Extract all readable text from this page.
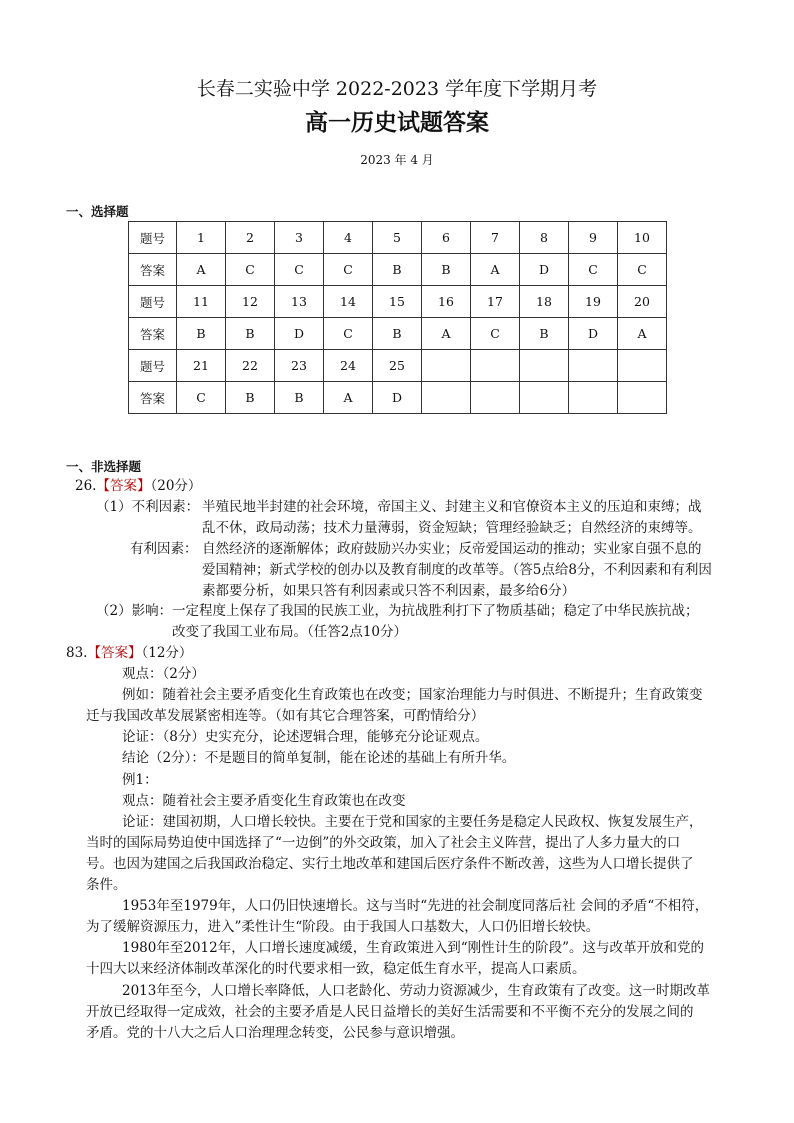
长春二实验中学 2022-2023 学年度下学期月考
高一历史试题答案
2023 年 4 月
一、选择题
题号	1	2	3	4	5	6	7	8	9	10
答案	A	C	C	C	B	B	A	D	C	C
题号	11	12	13	14	15	16	17	18	19	20
答案	B	B	D	C	B	A	C	B	D	A
题号	21	22	23	24	25					
答案	C	B	B	A	D					
一、非选择题
26.【答案】（20分）
（1）不利因素： 半殖民地半封建的社会环境，帝国主义、封建主义和官僚资本主义的压迫和束缚；战
乱不休，政局动荡；技术力量薄弱，资金短缺；管理经验缺乏；自然经济的束缚等。
有利因素： 自然经济的逐渐解体；政府鼓励兴办实业；反帝爱国运动的推动；实业家自强不息的
爱国精神；新式学校的创办以及教育制度的改革等。（答5点给8分，不利因素和有利因
素都要分析，如果只答有利因素或只答不利因素，最多给6分）
（2）影响： 一定程度上保存了我国的民族工业，为抗战胜利打下了物质基础；稳定了中华民族抗战；
改变了我国工业布局。（任答2点10分）
83.【答案】（12分）
观点：（2分）
例如：随着社会主要矛盾变化生育政策也在改变；国家治理能力与时俱进、不断提升；生育政策变
迁与我国改革发展紧密相连等。（如有其它合理答案，可酌情给分）
论证：（8分）史实充分，论述逻辑合理，能够充分论证观点。
结论（2分）：不是题目的简单复制，能在论述的基础上有所升华。
例1：
观点：随着社会主要矛盾变化生育政策也在改变
论证：建国初期，人口增长较快。主要在于党和国家的主要任务是稳定人民政权、恢复发展生产，
当时的国际局势迫使中国选择了“一边倒”的外交政策，加入了社会主义阵营，提出了人多力量大的口
号。也因为建国之后我国政治稳定、实行土地改革和建国后医疗条件不断改善，这些为人口增长提供了
条件。
1953年至1979年，人口仍旧快速增长。这与当时“先进的社会制度同落后社 会间的矛盾“不相符，
为了缓解资源压力，进入”柔性计生“阶段。由于我国人口基数大，人口仍旧增长较快。
1980年至2012年，人口增长速度减缓，生育政策进入到“刚性计生的阶段”。这与改革开放和党的
十四大以来经济体制改革深化的时代要求相一致，稳定低生育水平，提高人口素质。
2013年至今，人口增长率降低，人口老龄化、劳动力资源减少，生育政策有了改变。这一时期改革
开放已经取得一定成效，社会的主要矛盾是人民日益增长的美好生活需要和不平衡不充分的发展之间的
矛盾。党的十八大之后人口治理理念转变，公民参与意识增强。
